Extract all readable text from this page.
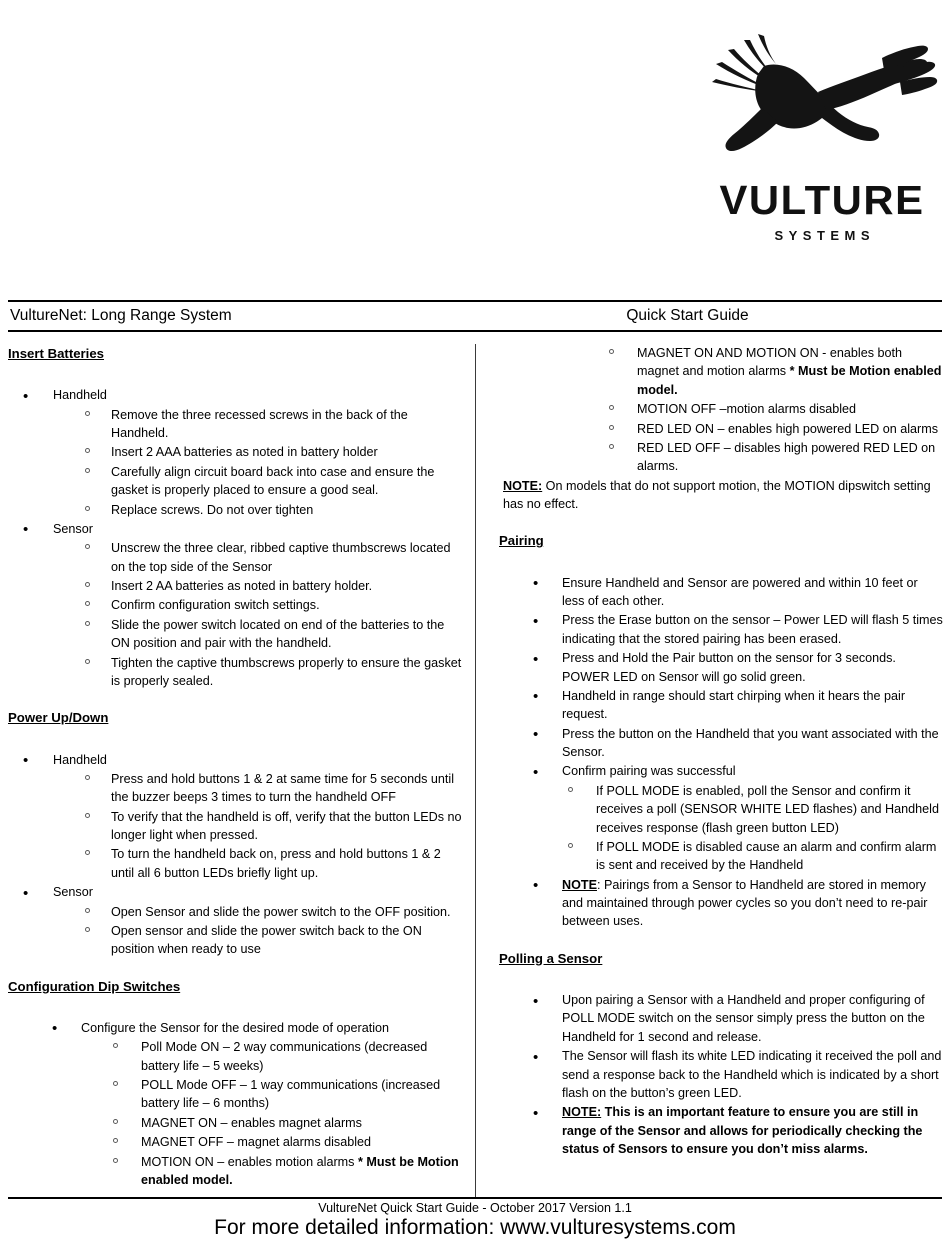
VULTURE
SYSTEMS
VultureNet: Long Range System	Quick Start Guide
Insert Batteries
• Handheld
Remove the three recessed screws in the back of the Handheld.
Insert 2 AAA batteries as noted in battery holder
Carefully align circuit board back into case and ensure the gasket is properly placed to ensure a good seal.
Replace screws. Do not over tighten
• Sensor
Unscrew the three clear, ribbed captive thumbscrews located on the top side of the Sensor
Insert 2 AA batteries as noted in battery holder.
Confirm configuration switch settings.
Slide the power switch located on end of the batteries to the ON position and pair with the handheld.
Tighten the captive thumbscrews properly to ensure the gasket is properly sealed.
Power Up/Down
• Handheld
Press and hold buttons 1 & 2 at same time for 5 seconds until the buzzer beeps 3 times to turn the handheld OFF
To verify that the handheld is off, verify that the button LEDs no longer light when pressed.
To turn the handheld back on, press and hold buttons 1 & 2 until all 6 button LEDs briefly light up.
• Sensor
Open Sensor and slide the power switch to the OFF position.
Open sensor and slide the power switch back to the ON position when ready to use
Configuration Dip Switches
• Configure the Sensor for the desired mode of operation
Poll Mode ON – 2 way communications (decreased battery life – 5 weeks)
POLL Mode OFF – 1 way communications (increased battery life – 6 months)
MAGNET ON – enables magnet alarms
MAGNET OFF – magnet alarms disabled
MOTION ON – enables motion alarms * Must be Motion enabled model.
MAGNET ON AND MOTION ON - enables both magnet and motion alarms * Must be Motion enabled model.
MOTION OFF –motion alarms disabled
RED LED ON – enables high powered LED on alarms
RED LED OFF – disables high powered RED LED on alarms.
NOTE: On models that do not support motion, the MOTION dipswitch setting has no effect.
Pairing
• Ensure Handheld and Sensor are powered and within 10 feet or less of each other.
• Press the Erase button on the sensor – Power LED will flash 5 times indicating that the stored pairing has been erased.
• Press and Hold the Pair button on the sensor for 3 seconds. POWER LED on Sensor will go solid green.
• Handheld in range should start chirping when it hears the pair request.
• Press the button on the Handheld that you want associated with the Sensor.
• Confirm pairing was successful
If POLL MODE is enabled, poll the Sensor and confirm it receives a poll (SENSOR WHITE LED flashes) and Handheld receives response (flash green button LED)
If POLL MODE is disabled cause an alarm and confirm alarm is sent and received by the Handheld
• NOTE: Pairings from a Sensor to Handheld are stored in memory and maintained through power cycles so you don’t need to re-pair between uses.
Polling a Sensor
• Upon pairing a Sensor with a Handheld and proper configuring of POLL MODE switch on the sensor simply press the button on the Handheld for 1 second and release.
• The Sensor will flash its white LED indicating it received the poll and send a response back to the Handheld which is indicated by a short flash on the button’s green LED.
• NOTE: This is an important feature to ensure you are still in range of the Sensor and allows for periodically checking the status of Sensors to ensure you don’t miss alarms.
VultureNet Quick Start Guide - October 2017 Version 1.1
For more detailed information: www.vulturesystems.com
